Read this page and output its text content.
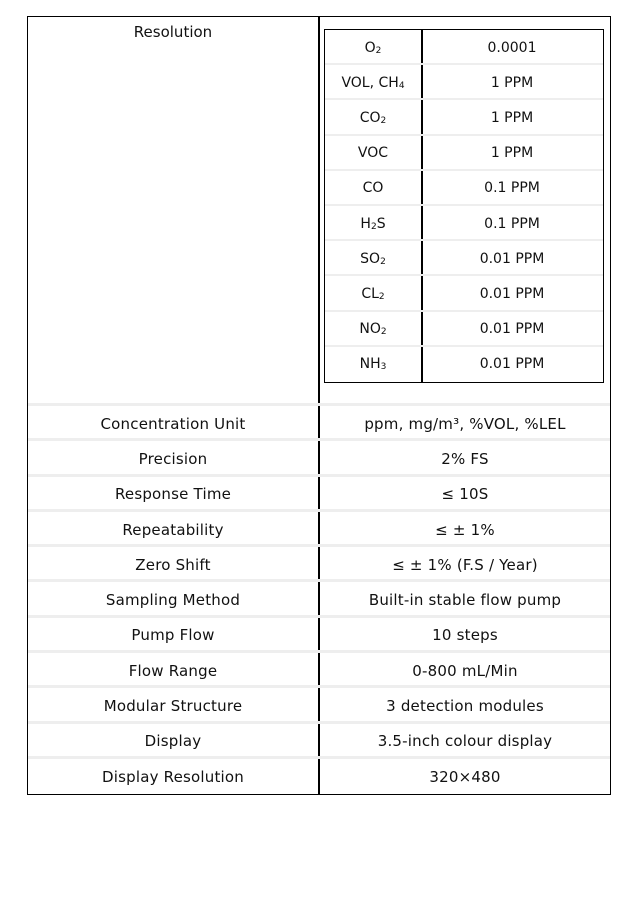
Resolution
$O_2$	0.0001
VOL, $CH_4$	1 PPM
$CO_2$	1 PPM
VOC	1 PPM
CO	0.1 PPM
$H_2S$	0.1 PPM
$SO_2$	0.01 PPM
$CL_2$	0.01 PPM
$NO_2$	0.01 PPM
$NH_3$	0.01 PPM
Concentration Unit	ppm, mg/m³, %VOL, %LEL
Precision	2% FS
Response Time	≤ 10S
Repeatability	≤ ± 1%
Zero Shift	≤ ± 1% (F.S / Year)
Sampling Method	Built-in stable flow pump
Pump Flow	10 steps
Flow Range	0-800 mL/Min
Modular Structure	3 detection modules
Display	3.5-inch colour display
Display Resolution	320×480
